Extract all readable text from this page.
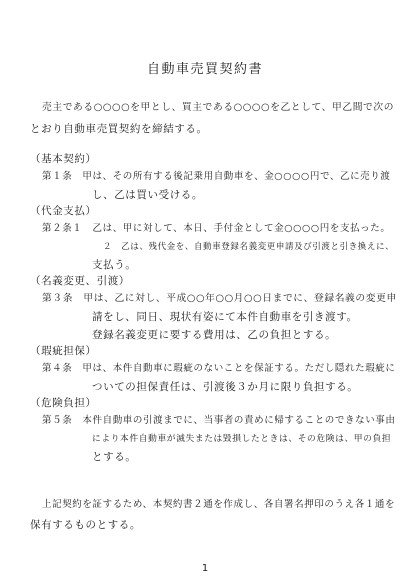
自動車売買契約書
売主である○○○○を甲とし、買主である○○○○を乙として、甲乙間で次の
とおり自動車売買契約を締結する。
（基本契約）
第１条　甲は、その所有する後記乗用自動車を、金○○○○円で、乙に売り渡
し、乙は買い受ける。
（代金支払）
第２条１　乙は、甲に対して、本日、手付金として金○○○○円を支払った。
２　乙は、残代金を、自動車登録名義変更申請及び引渡と引き換えに、
支払う。
（名義変更、引渡）
第３条　甲は、乙に対し、平成○○年○○月○○日までに、登録名義の変更申
請をし、同日、現状有姿にて本件自動車を引き渡す。
登録名義変更に要する費用は、乙の負担とする。
（瑕疵担保）
第４条　甲は、本件自動車に瑕疵のないことを保証する。ただし隠れた瑕疵に
ついての担保責任は、引渡後３か月に限り負担する。
（危険負担）
第５条　本件自動車の引渡までに、当事者の責めに帰することのできない事由
により本件自動車が滅失または毀損したときは、その危険は、甲の負担
とする。
上記契約を証するため、本契約書２通を作成し、各自署名押印のうえ各１通を
保有するものとする。
1
